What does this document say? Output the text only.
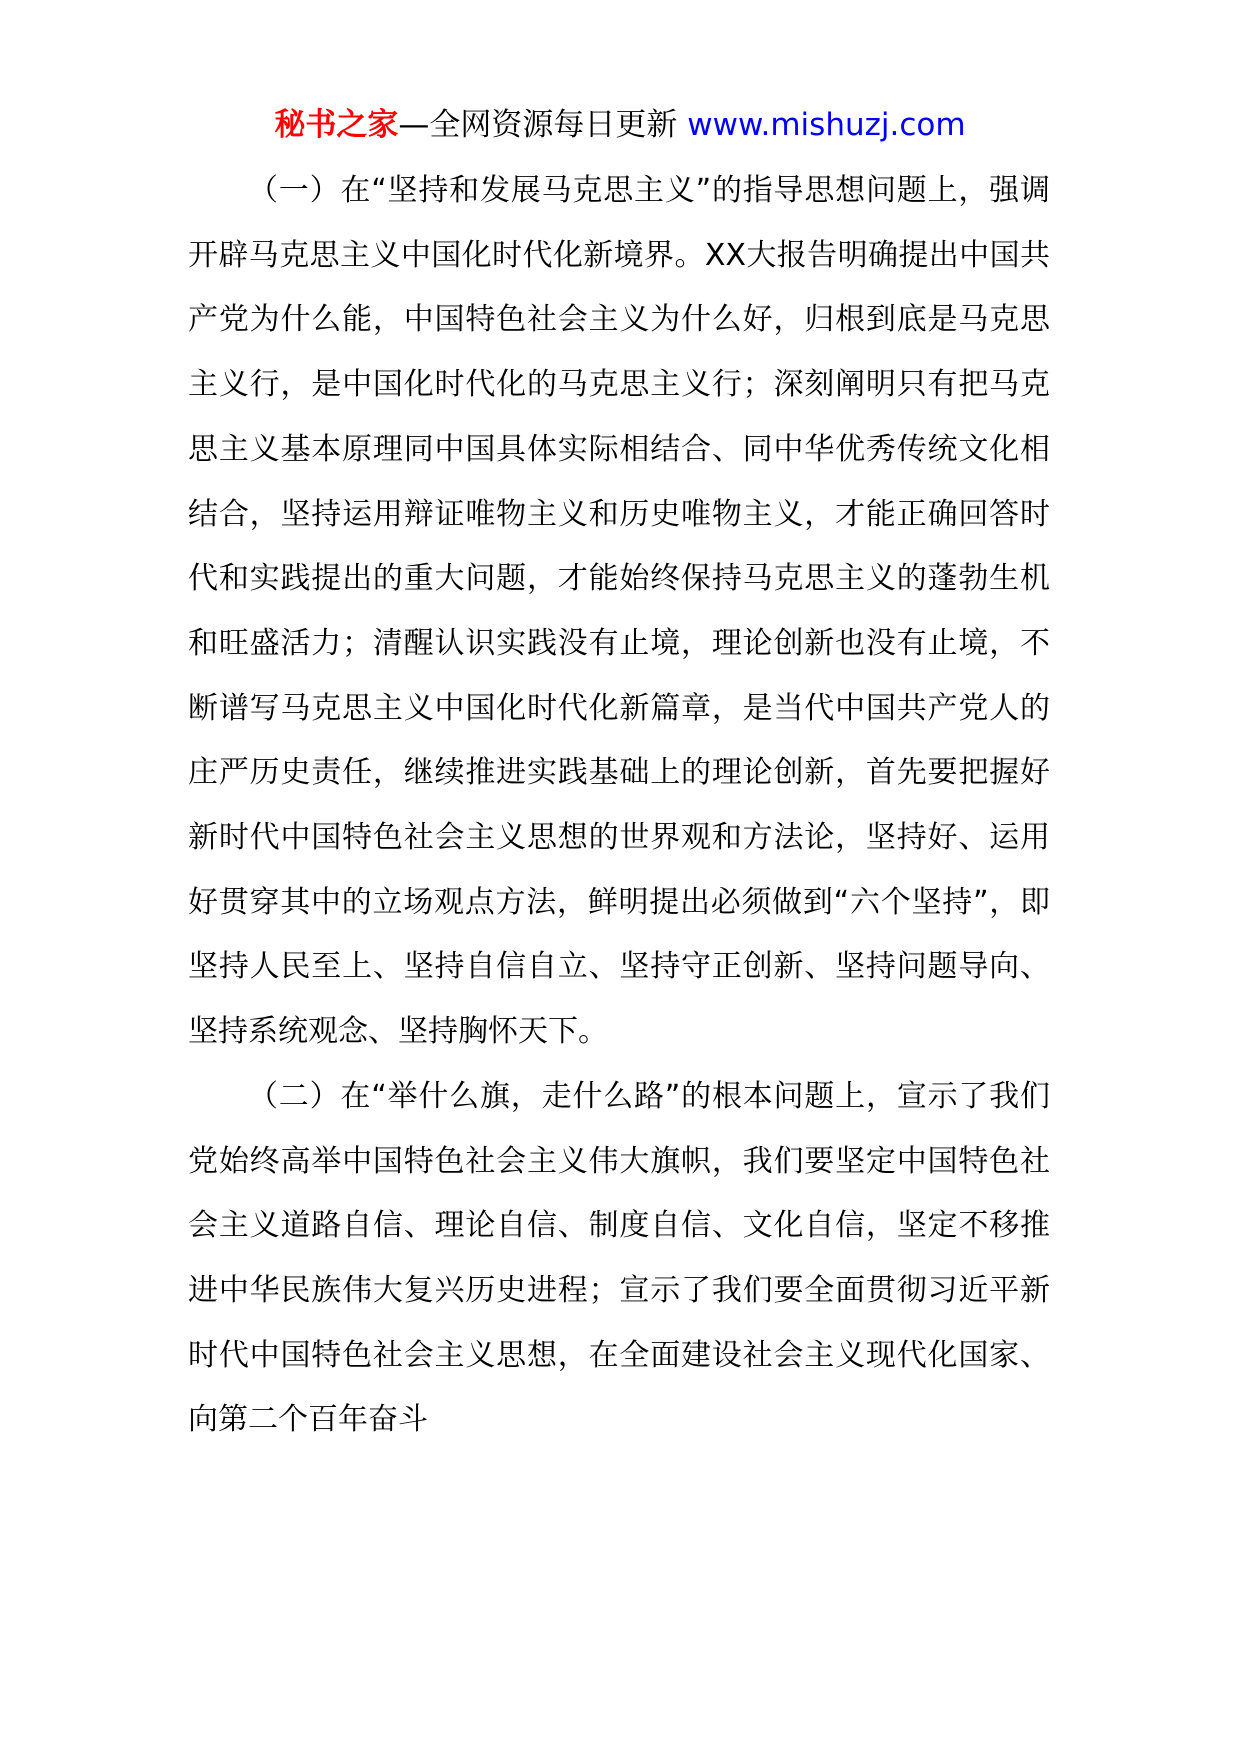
秘书之家—全网资源每日更新 www.mishuzj.com

（一）在“坚持和发展马克思主义”的指导思想问题上，强调开辟马克思主义中国化时代化新境界。XX大报告明确提出中国共产党为什么能，中国特色社会主义为什么好，归根到底是马克思主义行，是中国化时代化的马克思主义行；深刻阐明只有把马克思主义基本原理同中国具体实际相结合、同中华优秀传统文化相结合，坚持运用辩证唯物主义和历史唯物主义，才能正确回答时代和实践提出的重大问题，才能始终保持马克思主义的蓬勃生机和旺盛活力；清醒认识实践没有止境，理论创新也没有止境，不断谱写马克思主义中国化时代化新篇章，是当代中国共产党人的庄严历史责任，继续推进实践基础上的理论创新，首先要把握好新时代中国特色社会主义思想的世界观和方法论，坚持好、运用好贯穿其中的立场观点方法，鲜明提出必须做到“六个坚持”，即坚持人民至上、坚持自信自立、坚持守正创新、坚持问题导向、坚持系统观念、坚持胸怀天下。

（二）在“举什么旗，走什么路”的根本问题上，宣示了我们党始终高举中国特色社会主义伟大旗帜，我们要坚定中国特色社会主义道路自信、理论自信、制度自信、文化自信，坚定不移推进中华民族伟大复兴历史进程；宣示了我们要全面贯彻习近平新时代中国特色社会主义思想，在全面建设社会主义现代化国家、向第二个百年奋斗
